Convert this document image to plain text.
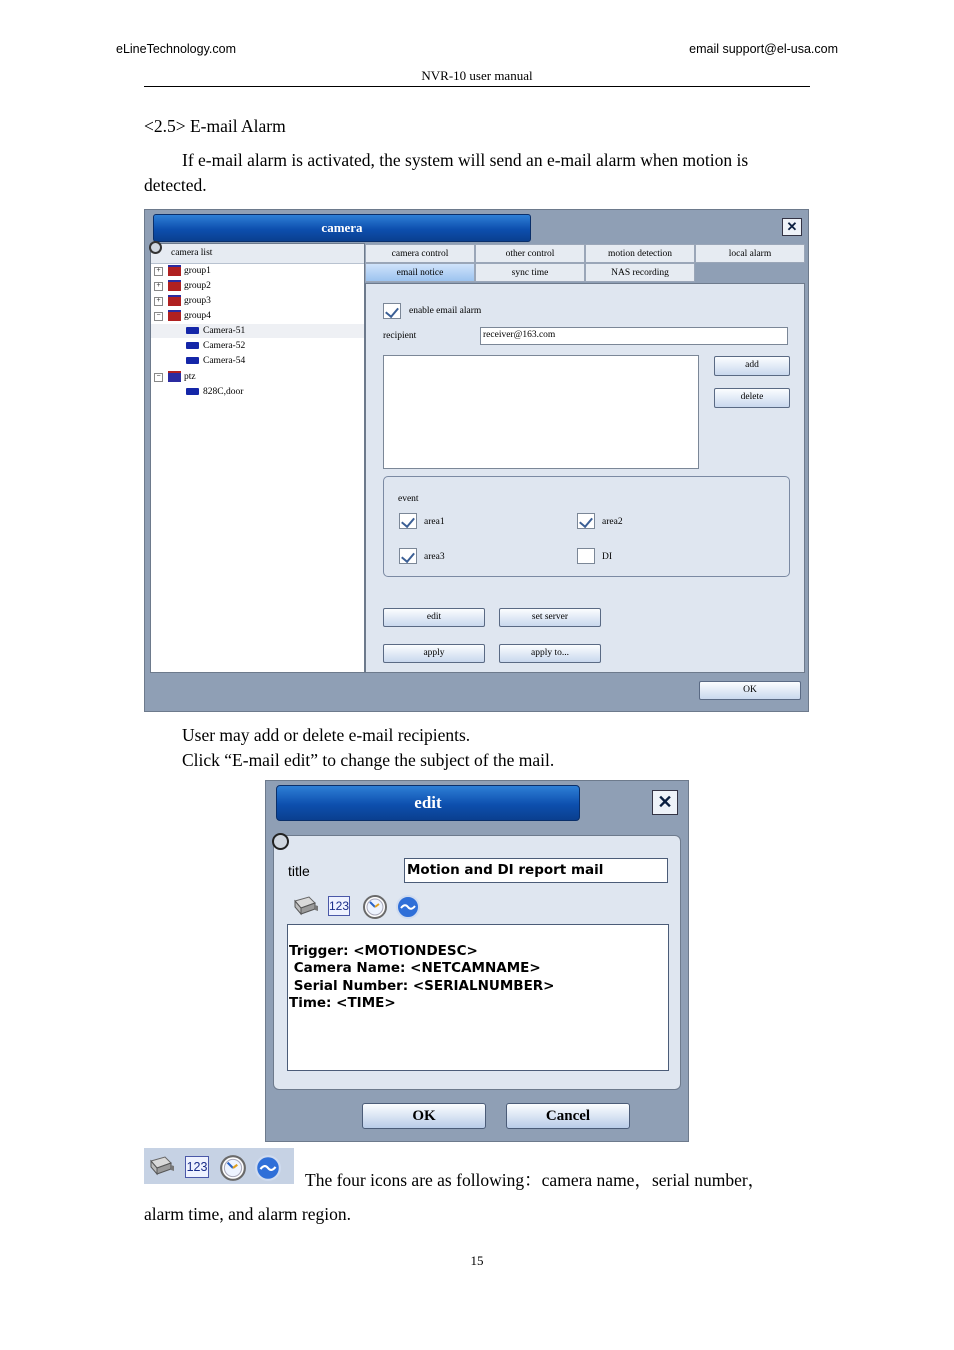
eLineTechnology.com	email support@el-usa.com
NVR-10 user manual
<2.5> E-mail Alarm
If e-mail alarm is activated, the system will send an e-mail alarm when motion is
detected.
camera	✕
camera list
+	group1
+	group2
+	group3
−	group4
Camera-51
Camera-52
Camera-54
−	ptz
828C,door
camera control	other control	motion detection	local alarm
email notice	sync time	NAS recording
enable email alarm
recipient	receiver@163.com
add
delete
event
area1	area2
area3	DI
edit	set server
apply	apply to...
OK
User may add or delete e-mail recipients.
Click “E-mail edit” to change the subject of the mail.
edit	✕
title	Motion and DI report mail
123

Trigger: <MOTIONDESC>
Camera Name: <NETCAMNAME>
Serial Number: <SERIALNUMBER>
Time: <TIME>
OK	Cancel
123
The four icons are as following：camera name，serial number，
alarm time, and alarm region.
15
